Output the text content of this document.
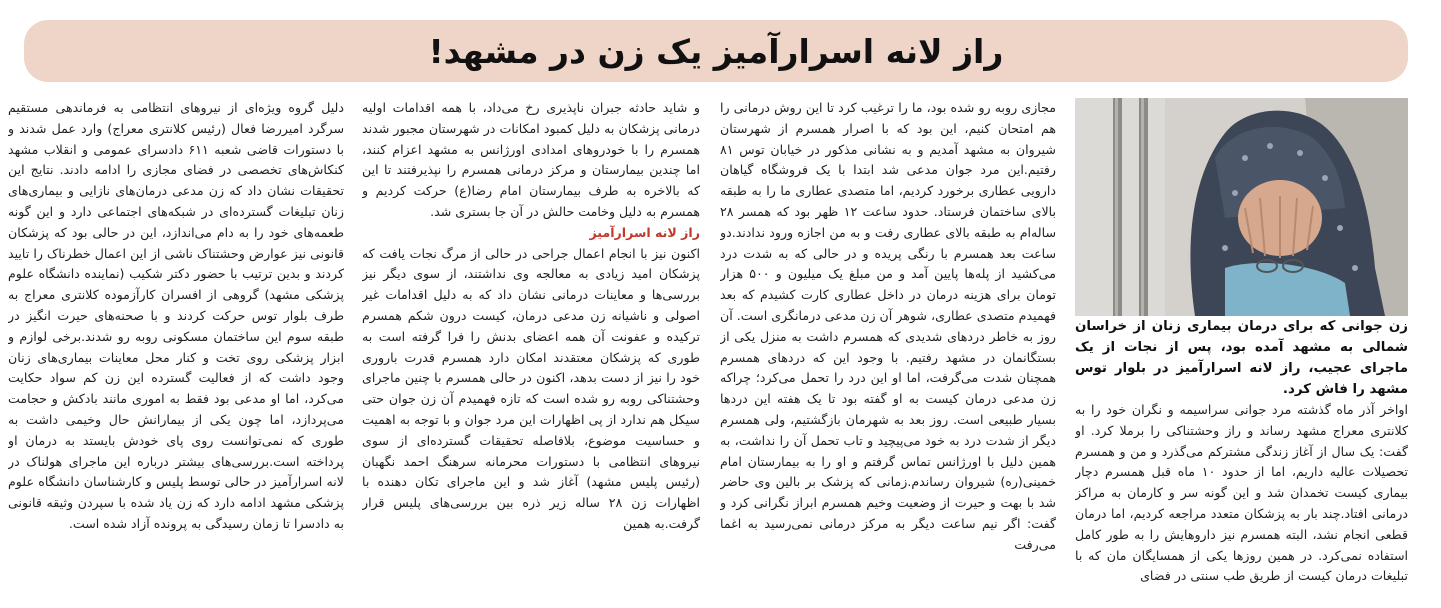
راز لانه اسرارآمیز یک زن در مشهد!

زن جوانی که برای درمان بیماری زنان از خراسان شمالی به مشهد آمده بود، پس از نجات از یک ماجرای عجیب، راز لانه اسرارآمیز در بلوار توس مشهد را فاش کرد.

اواخر آذر ماه گذشته مرد جوانی سراسیمه و نگران خود را به کلانتری معراج مشهد رساند و راز وحشتناکی را برملا کرد. او گفت: یک سال از آغاز زندگی مشترکم می‌گذرد و من و همسرم تحصیلات عالیه داریم، اما از حدود ۱۰ ماه قبل همسرم دچار بیماری کیست تخمدان شد و این گونه سر و کارمان به مراکز درمانی افتاد.چند بار به پزشکان متعدد مراجعه کردیم، اما درمان قطعی انجام نشد، البته همسرم نیز داروهایش را به طور کامل استفاده نمی‌کرد. در همین روزها یکی از همسایگان مان که با تبلیغات درمان کیست از طریق طب سنتی در فضای

مجازی روبه رو شده بود، ما را ترغیب کرد تا این روش درمانی را هم امتحان کنیم، این بود که با اصرار همسرم از شهرستان شیروان به مشهد آمدیم و به نشانی مذکور در خیابان توس ۸۱ رفتیم.این مرد جوان مدعی شد ابتدا با یک فروشگاه گیاهان دارویی عطاری برخورد کردیم، اما متصدی عطاری ما را به طبقه بالای ساختمان فرستاد. حدود ساعت ۱۲ ظهر بود که همسر ۲۸ ساله‌ام به طبقه بالای عطاری رفت و به من اجازه ورود ندادند.دو ساعت بعد همسرم با رنگی پریده و در حالی که به شدت درد می‌کشید از پله‌ها پایین آمد و من مبلغ یک میلیون و ۵۰۰ هزار تومان برای هزینه درمان در داخل عطاری کارت کشیدم که بعد فهمیدم متصدی عطاری، شوهر آن زن مدعی درمانگری است. آن روز به خاطر دردهای شدیدی که همسرم داشت به منزل یکی از بستگانمان در مشهد رفتیم. با وجود این که دردهای همسرم همچنان شدت می‌گرفت، اما او این درد را تحمل می‌کرد؛ چراکه زن مدعی درمان کیست به او گفته بود تا یک هفته این دردها بسیار طبیعی است. روز بعد به شهرمان بازگشتیم، ولی همسرم دیگر از شدت درد به خود می‌پیچید و تاب تحمل آن را نداشت، به همین دلیل با اورژانس تماس گرفتم و او را به بیمارستان امام خمینی(ره) شیروان رساندم.زمانی که پزشک بر بالین وی حاضر شد با بهت و حیرت از وضعیت وخیم همسرم ابراز نگرانی کرد و گفت: اگر نیم ساعت دیگر به مرکز درمانی نمی‌رسید به اغما می‌رفت

و شاید حادثه جبران ناپذیری رخ می‌داد، با همه اقدامات اولیه درمانی پزشکان به دلیل کمبود امکانات در شهرستان مجبور شدند همسرم را با خودروهای امدادی اورژانس به مشهد اعزام کنند، اما چندین بیمارستان و مرکز درمانی همسرم را نپذیرفتند تا این که بالاخره به طرف بیمارستان امام رضا(ع) حرکت کردیم و همسرم به دلیل وخامت حالش در آن جا بستری شد.

راز لانه اسرارآمیز

اکنون نیز با انجام اعمال جراحی در حالی از مرگ نجات یافت که پزشکان امید زیادی به معالجه وی نداشتند، از سوی دیگر نیز بررسی‌ها و معاینات درمانی نشان داد که به دلیل اقدامات غیر اصولی و ناشیانه زن مدعی درمان، کیست درون شکم همسرم ترکیده و عفونت آن همه اعضای بدنش را فرا گرفته است به طوری که پزشکان معتقدند امکان دارد همسرم قدرت باروری خود را نیز از دست بدهد، اکنون در حالی همسرم با چنین ماجرای وحشتناکی روبه رو شده است که تازه فهمیدم آن زن جوان حتی سیکل هم ندارد از پی اظهارات این مرد جوان و با توجه به اهمیت و حساسیت موضوع، بلافاصله تحقیقات گسترده‌ای از سوی نیروهای انتظامی با دستورات محرمانه سرهنگ احمد نگهبان (رئیس پلیس مشهد) آغاز شد و این ماجرای تکان دهنده با اظهارات زن ۲۸ ساله زیر ذره بین بررسی‌های پلیس قرار گرفت.به همین

دلیل گروه ویژه‌ای از نیروهای انتظامی به فرماندهی مستقیم سرگرد امیررضا فعال (رئیس کلانتری معراج) وارد عمل شدند و با دستورات قاضی شعبه ۶۱۱ دادسرای عمومی و انقلاب مشهد کنکاش‌های تخصصی در فضای مجازی را ادامه دادند. نتایج این تحقیقات نشان داد که زن مدعی درمان‌های نازایی و بیماری‌های زنان تبلیغات گسترده‌ای در شبکه‌های اجتماعی دارد و این گونه طعمه‌های خود را به دام می‌اندازد، این در حالی بود که پزشکان قانونی نیز عوارض وحشتناک ناشی از این اعمال خطرناک را تایید کردند و بدین ترتیب با حضور دکتر شکیب (نماینده دانشگاه علوم پزشکی مشهد) گروهی از افسران کارآزموده کلانتری معراج به طرف بلوار توس حرکت کردند و با صحنه‌های حیرت انگیز در طبقه سوم این ساختمان مسکونی روبه رو شدند.برخی لوازم و ابزار پزشکی روی تخت و کنار محل معاینات بیماری‌های زنان وجود داشت که از فعالیت گسترده این زن کم سواد حکایت می‌کرد، اما او مدعی بود فقط به اموری مانند بادکش و حجامت می‌پردازد، اما چون یکی از بیمارانش حال وخیمی داشت به طوری که نمی‌توانست روی پای خودش بایستد به درمان او پرداخته است.بررسی‌های بیشتر درباره این ماجرای هولناک در لانه اسرارآمیز در حالی توسط پلیس و کارشناسان دانشگاه علوم پزشکی مشهد ادامه دارد که زن یاد شده با سپردن وثیقه قانونی به دادسرا تا زمان رسیدگی به پرونده آزاد شده است.
